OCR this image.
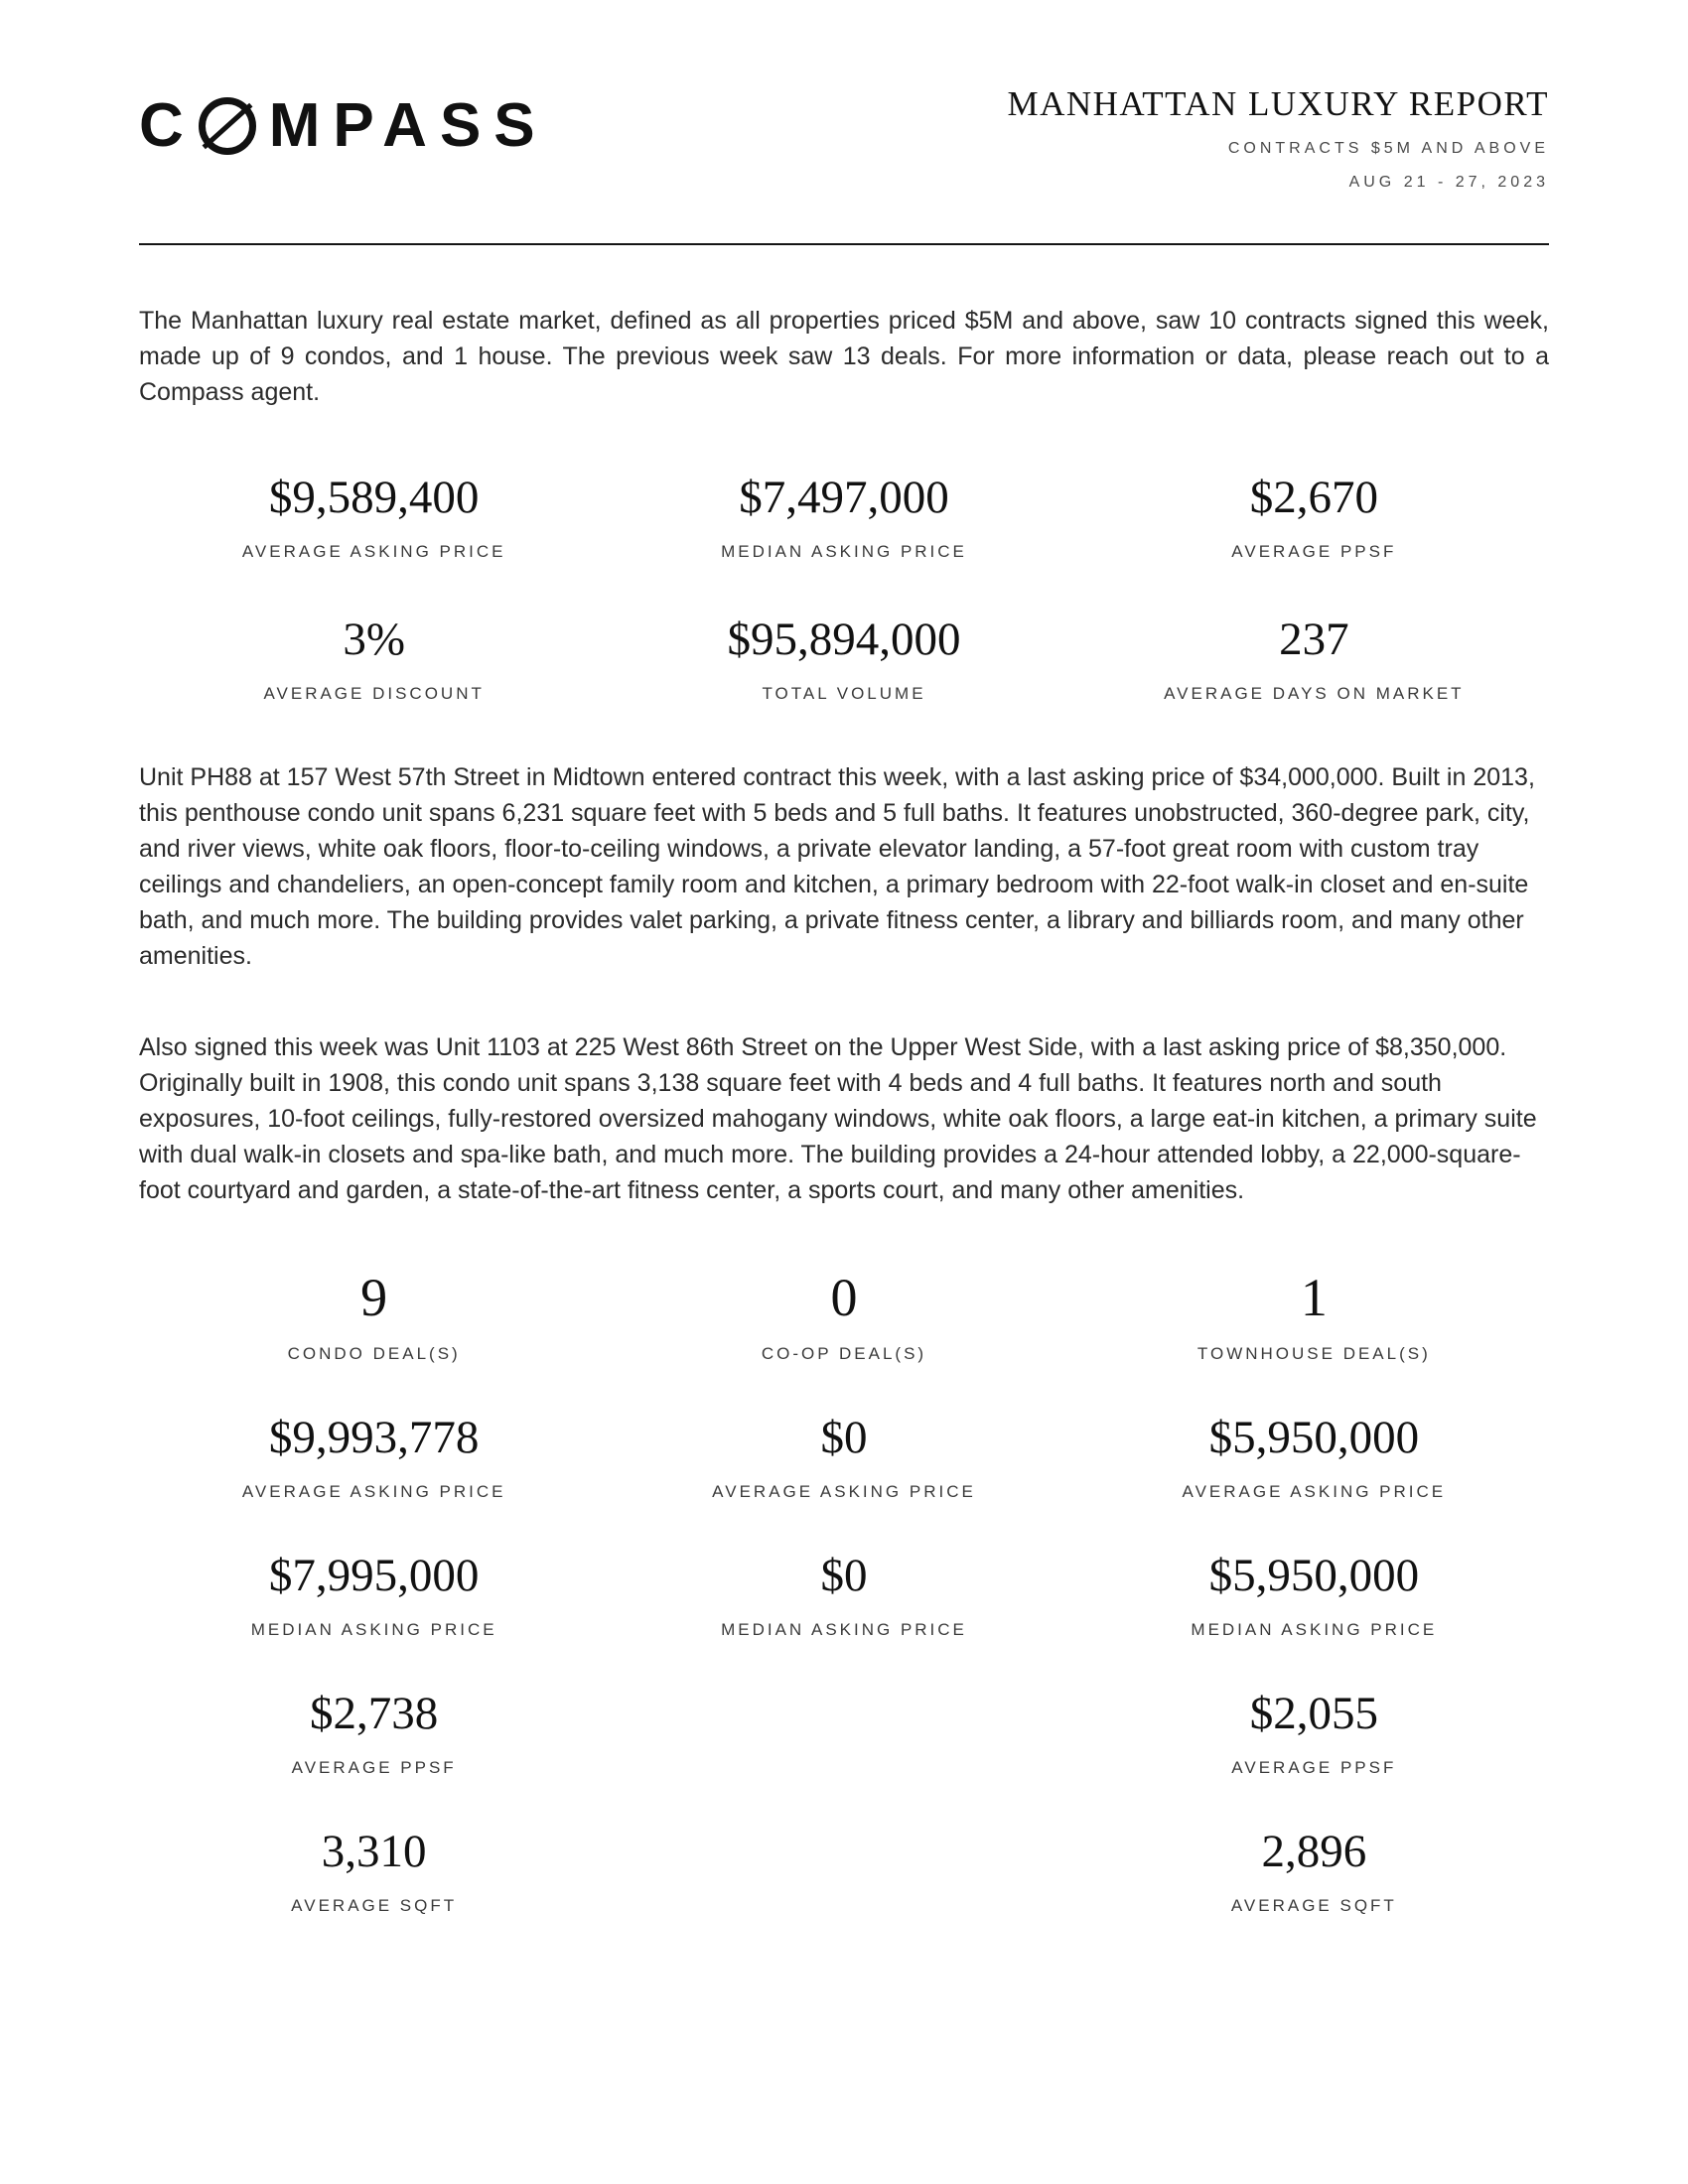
C MPASS	MANHATTAN LUXURY REPORT
CONTRACTS $5M AND ABOVE
AUG 21 - 27, 2023

The Manhattan luxury real estate market, defined as all properties priced $5M and above, saw 10 contracts signed this week, made up of 9 condos, and 1 house. The previous week saw 13 deals. For more information or data, please reach out to a Compass agent.

$9,589,400
AVERAGE ASKING PRICE
$7,497,000
MEDIAN ASKING PRICE
$2,670
AVERAGE PPSF
3%
AVERAGE DISCOUNT
$95,894,000
TOTAL VOLUME
237
AVERAGE DAYS ON MARKET

Unit PH88 at 157 West 57th Street in Midtown entered contract this week, with a last asking price of $34,000,000. Built in 2013, this penthouse condo unit spans 6,231 square feet with 5 beds and 5 full baths. It features unobstructed, 360-degree park, city, and river views, white oak floors, floor-to-ceiling windows, a private elevator landing, a 57-foot great room with custom tray ceilings and chandeliers, an open-concept family room and kitchen, a primary bedroom with 22-foot walk-in closet and en-suite bath, and much more. The building provides valet parking, a private fitness center, a library and billiards room, and many other amenities.

Also signed this week was Unit 1103 at 225 West 86th Street on the Upper West Side, with a last asking price of $8,350,000. Originally built in 1908, this condo unit spans 3,138 square feet with 4 beds and 4 full baths. It features north and south exposures, 10-foot ceilings, fully-restored oversized mahogany windows, white oak floors, a large eat-in kitchen, a primary suite with dual walk-in closets and spa-like bath, and much more. The building provides a 24-hour attended lobby, a 22,000-square-foot courtyard and garden, a state-of-the-art fitness center, a sports court, and many other amenities.

9
CONDO DEAL(S)
0
CO-OP DEAL(S)
1
TOWNHOUSE DEAL(S)
$9,993,778
AVERAGE ASKING PRICE
$0
AVERAGE ASKING PRICE
$5,950,000
AVERAGE ASKING PRICE
$7,995,000
MEDIAN ASKING PRICE
$0
MEDIAN ASKING PRICE
$5,950,000
MEDIAN ASKING PRICE
$2,738
AVERAGE PPSF
$2,055
AVERAGE PPSF
3,310
AVERAGE SQFT
2,896
AVERAGE SQFT
